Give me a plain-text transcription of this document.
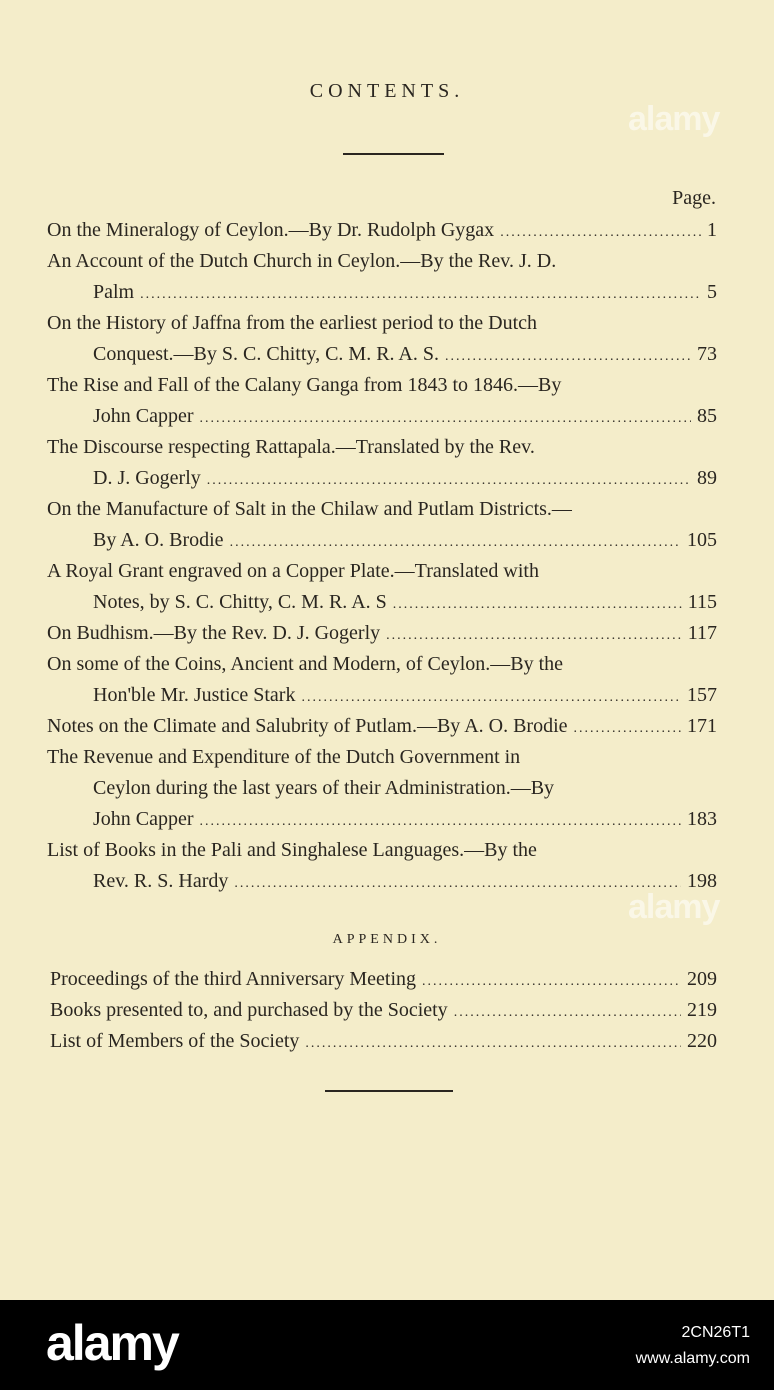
CONTENTS.
Page.
On the Mineralogy of Ceylon.—By Dr. Rudolph Gygax .....	1
An Account of the Dutch Church in Ceylon.—By the Rev. J. D.
Palm .....	5
On the History of Jaffna from the earliest period to the Dutch
Conquest.—By S. C. Chitty, C. M. R. A. S. .....	73
The Rise and Fall of the Calany Ganga from 1843 to 1846.—By
John Capper .....	85
The Discourse respecting Rattapala.—Translated by the Rev.
D. J. Gogerly .....	89
On the Manufacture of Salt in the Chilaw and Putlam Districts.—
By A. O. Brodie .....	105
A Royal Grant engraved on a Copper Plate.—Translated with
Notes, by S. C. Chitty, C. M. R. A. S .....	115
On Budhism.—By the Rev. D. J. Gogerly .....	117
On some of the Coins, Ancient and Modern, of Ceylon.—By the
Hon'ble Mr. Justice Stark .....	157
Notes on the Climate and Salubrity of Putlam.—By A. O. Brodie .....	171
The Revenue and Expenditure of the Dutch Government in
Ceylon during the last years of their Administration.—By
John Capper .....	183
List of Books in the Pali and Singhalese Languages.—By the
Rev. R. S. Hardy .....	198
APPENDIX.
Proceedings of the third Anniversary Meeting .....	209
Books presented to, and purchased by the Society .....	219
List of Members of the Society .....	220
alamy
alamy
alamy	2CN26T1
www.alamy.com
